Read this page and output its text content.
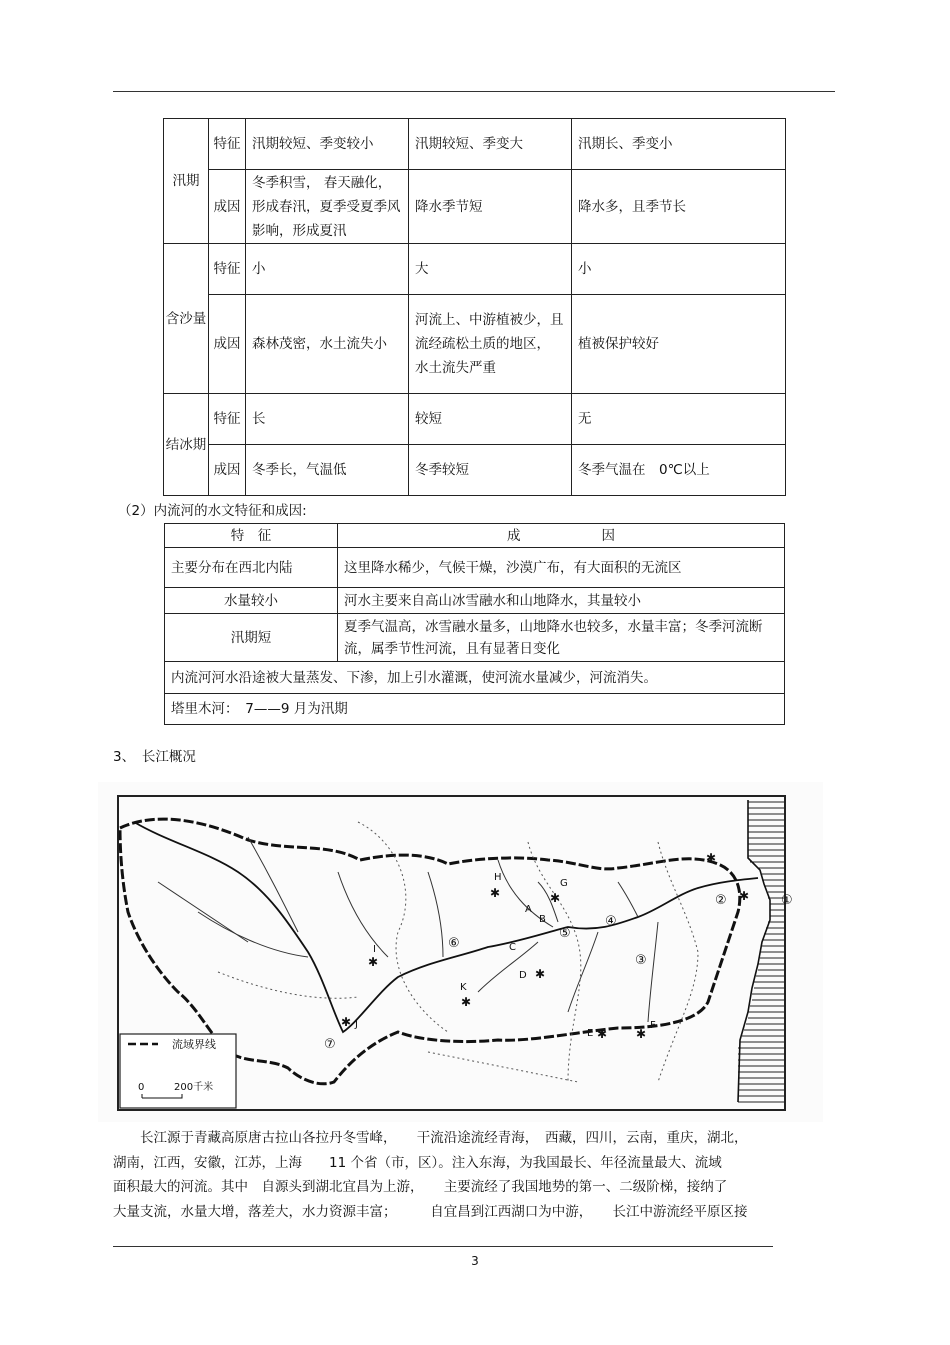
汛期	特征	汛期较短、季变较小	汛期较短、季变大	汛期长、季变小
	成因	冬季积雪， 春天融化，形成春汛，夏季受夏季风影响，形成夏汛	降水季节短	降水多，且季节长
含沙量	特征	小	大	小
	成因	森林茂密，水土流失小	河流上、中游植被少，且流经疏松土质的地区， 水土流失严重	植被保护较好
结冰期	特征	长	较短	无
	成因	冬季长，气温低	冬季较短	冬季气温在　0℃以上
（2）内流河的水文特征和成因:
特　征	成　　　　　　因
主要分布在西北内陆	这里降水稀少，气候干燥，沙漠广布，有大面积的无流区
水量较小	河水主要来自高山冰雪融水和山地降水，其量较小
汛期短	夏季气温高，冰雪融水量多，山地降水也较多，水量丰富；冬季河流断流，属季节性河流，且有显著日变化
内流河河水沿途被大量蒸发、下渗，加上引水灌溉，使河流水量减少，河流消失。	
塔里木河：　7——9 月为汛期	
3、　长江概况
H
G
A
B
C
D
I
K
J
E
F
①
②
③
④
⑤
⑥
⑦
✱	✱
✱
✱
✱
✱
✱ ✱
✱
✱
流域界线
0	200千米
　　长江源于青藏高原唐古拉山各拉丹冬雪峰，　　干流沿途流经青海，　西藏，四川，云南，重庆，湖北，
湖南，江西，安徽，江苏，上海　　11 个省（市，区）。注入东海，为我国最长、年径流量最大、流域
面积最大的河流。其中　自源头到湖北宜昌为上游，　　主要流经了我国地势的第一、二级阶梯，接纳了
大量支流，水量大增，落差大，水力资源丰富；　　　自宜昌到江西湖口为中游，　　长江中游流经平原区接
3
